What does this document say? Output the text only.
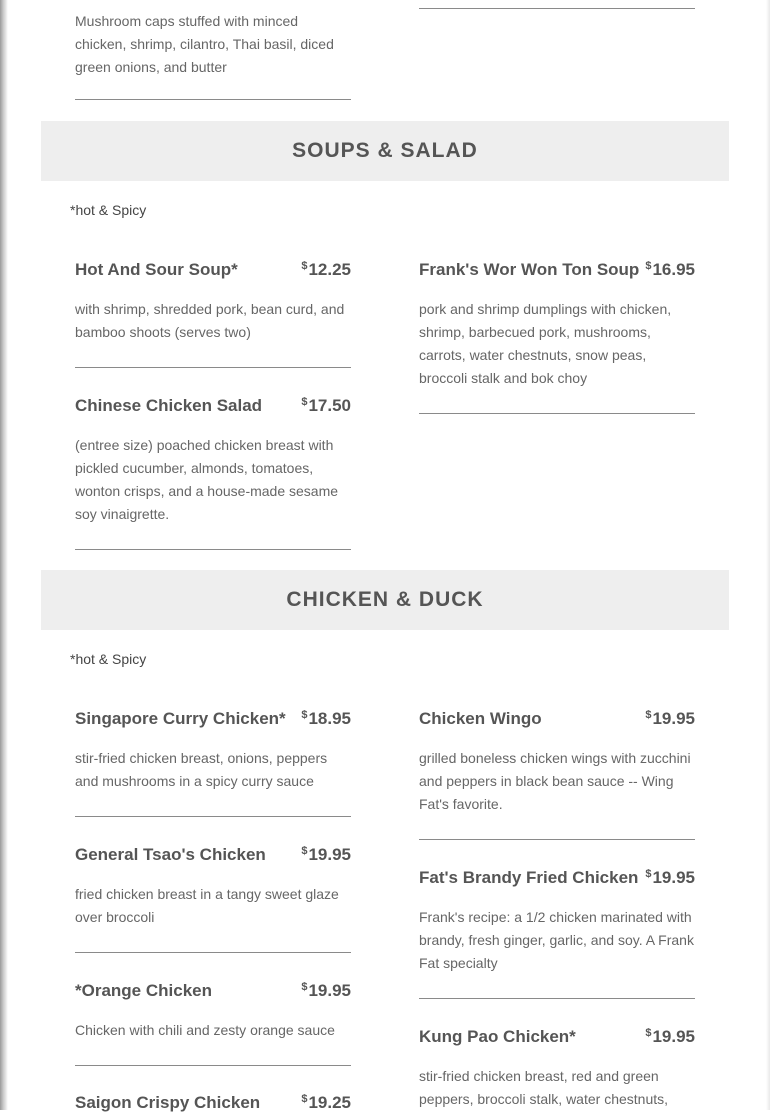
Mushroom caps stuffed with minced chicken, shrimp, cilantro, Thai basil, diced green onions, and butter
SOUPS & SALAD
*hot & Spicy
Hot And Sour Soup*	$12.25
with shrimp, shredded pork, bean curd, and bamboo shoots (serves two)
Frank's Wor Won Ton Soup $16.95
pork and shrimp dumplings with chicken, shrimp, barbecued pork, mushrooms, carrots, water chestnuts, snow peas, broccoli stalk and bok choy
Chinese Chicken Salad	$17.50
(entree size) poached chicken breast with pickled cucumber, almonds, tomatoes, wonton crisps, and a house-made sesame soy vinaigrette.
CHICKEN & DUCK
*hot & Spicy
Singapore Curry Chicken* $18.95
stir-fried chicken breast, onions, peppers and mushrooms in a spicy curry sauce
Chicken Wingo	$19.95
grilled boneless chicken wings with zucchini and peppers in black bean sauce -- Wing Fat's favorite.
General Tsao's Chicken	$19.95
fried chicken breast in a tangy sweet glaze over broccoli
Fat's Brandy Fried Chicken $19.95
Frank's recipe: a 1/2 chicken marinated with brandy, fresh ginger, garlic, and soy. A Frank Fat specialty
*Orange Chicken	$19.95
Chicken with chili and zesty orange sauce	Kung Pao Chicken*	$19.95
stir-fried chicken breast, red and green peppers, broccoli stalk, water chestnuts,
Saigon Crispy Chicken	$19.25
